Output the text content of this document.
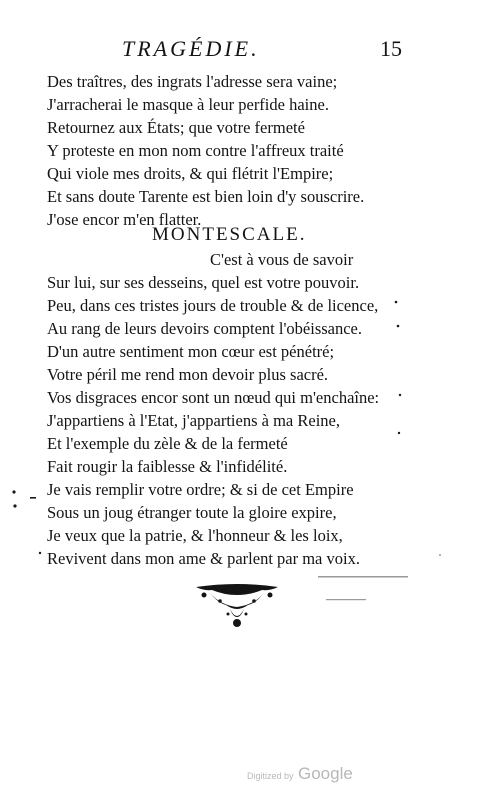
TRAGÉDIE.	15
Des traîtres, des ingrats l'adresse sera vaine;
J'arracherai le masque à leur perfide haine.
Retournez aux États; que votre fermeté
Y proteste en mon nom contre l'affreux traité
Qui viole mes droits, & qui flétrit l'Empire;
Et sans doute Tarente est bien loin d'y souscrire.
J'ose encor m'en flatter.
MONTESCALE.
C'est à vous de savoir
Sur lui, sur ses desseins, quel est votre pouvoir.
Peu, dans ces tristes jours de trouble & de licence,
Au rang de leurs devoirs comptent l'obéissance.
D'un autre sentiment mon cœur est pénétré;
Votre péril me rend mon devoir plus sacré.
Vos disgraces encor sont un nœud qui m'enchaîne:
J'appartiens à l'Etat, j'appartiens à ma Reine,
Et l'exemple du zèle & de la fermeté
Fait rougir la faiblesse & l'infidélité.
Je vais remplir votre ordre; & si de cet Empire
Sous un joug étranger toute la gloire expire,
Je veux que la patrie, & l'honneur & les loix,
Revivent dans mon ame & parlent par ma voix.
Digitized by Google
